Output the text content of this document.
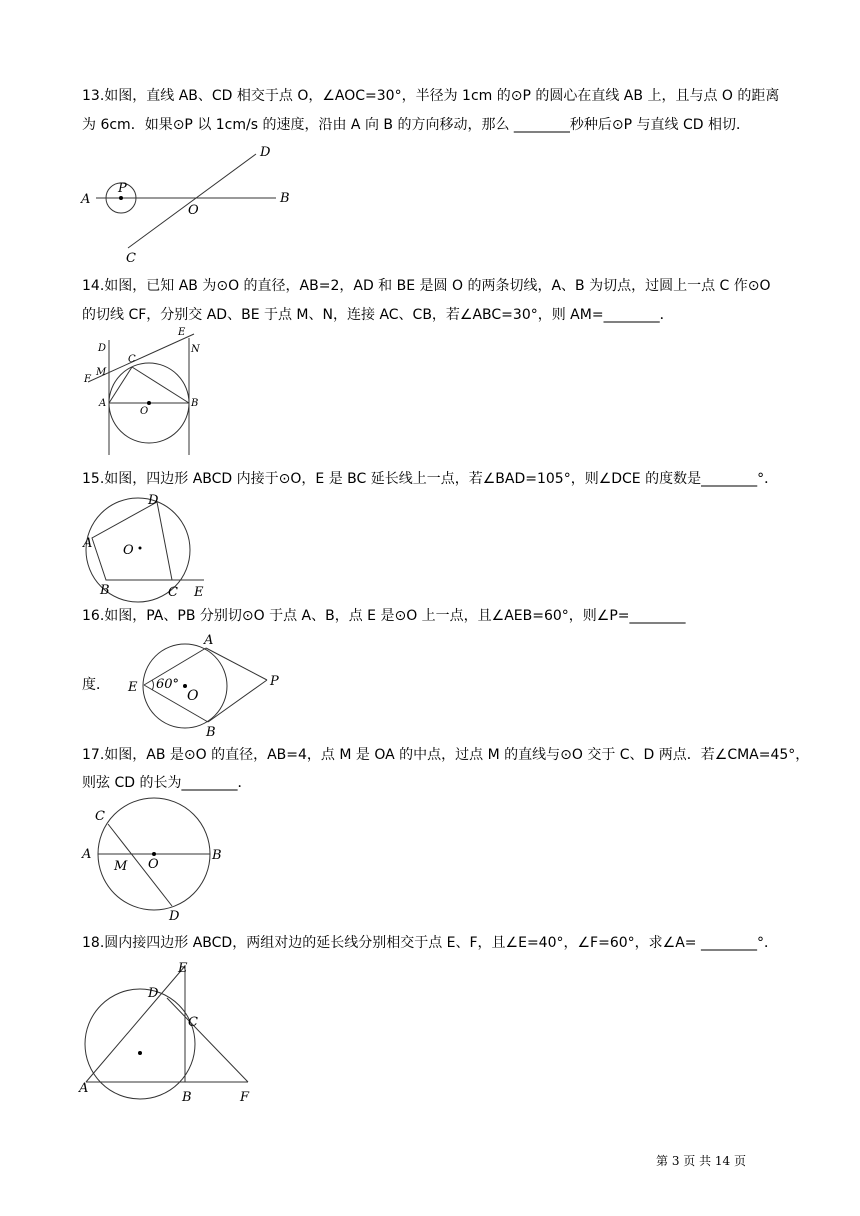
13.如图，直线 AB、CD 相交于点 O，∠AOC=30°，半径为 1cm 的⊙P 的圆心在直线 AB 上，且与点 O 的距离
为 6cm．如果⊙P 以 1cm/s 的速度，沿由 A 向 B 的方向移动，那么 ________秒种后⊙P 与直线 CD 相切．
A
P
O
B
C
D
14.如图，已知 AB 为⊙O 的直径，AB=2，AD 和 BE 是圆 O 的两条切线，A、B 为切点，过圆上一点 C 作⊙O
的切线 CF，分别交 AD、BE 于点 M、N，连接 AC、CB，若∠ABC=30°，则 AM=________．
D
E
N
C
M
F
A
O
B
15.如图，四边形 ABCD 内接于⊙O，E 是 BC 延长线上一点，若∠BAD=105°，则∠DCE 的度数是________°．
D
A O
B	C E
16.如图，PA、PB 分别切⊙O 于点 A、B，点 E 是⊙O 上一点，且∠AEB=60°，则∠P=________
度．
A
E 60°
O
P
B
17.如图，AB 是⊙O 的直径，AB=4，点 M 是 OA 的中点，过点 M 的直线与⊙O 交于 C、D 两点．若∠CMA=45°，
则弦 CD 的长为________．
C
A
M O
B
D
18.圆内接四边形 ABCD，两组对边的延长线分别相交于点 E、F，且∠E=40°，∠F=60°，求∠A= ________°．
E
D
C
A
B	F
第 3 页 共 14 页
